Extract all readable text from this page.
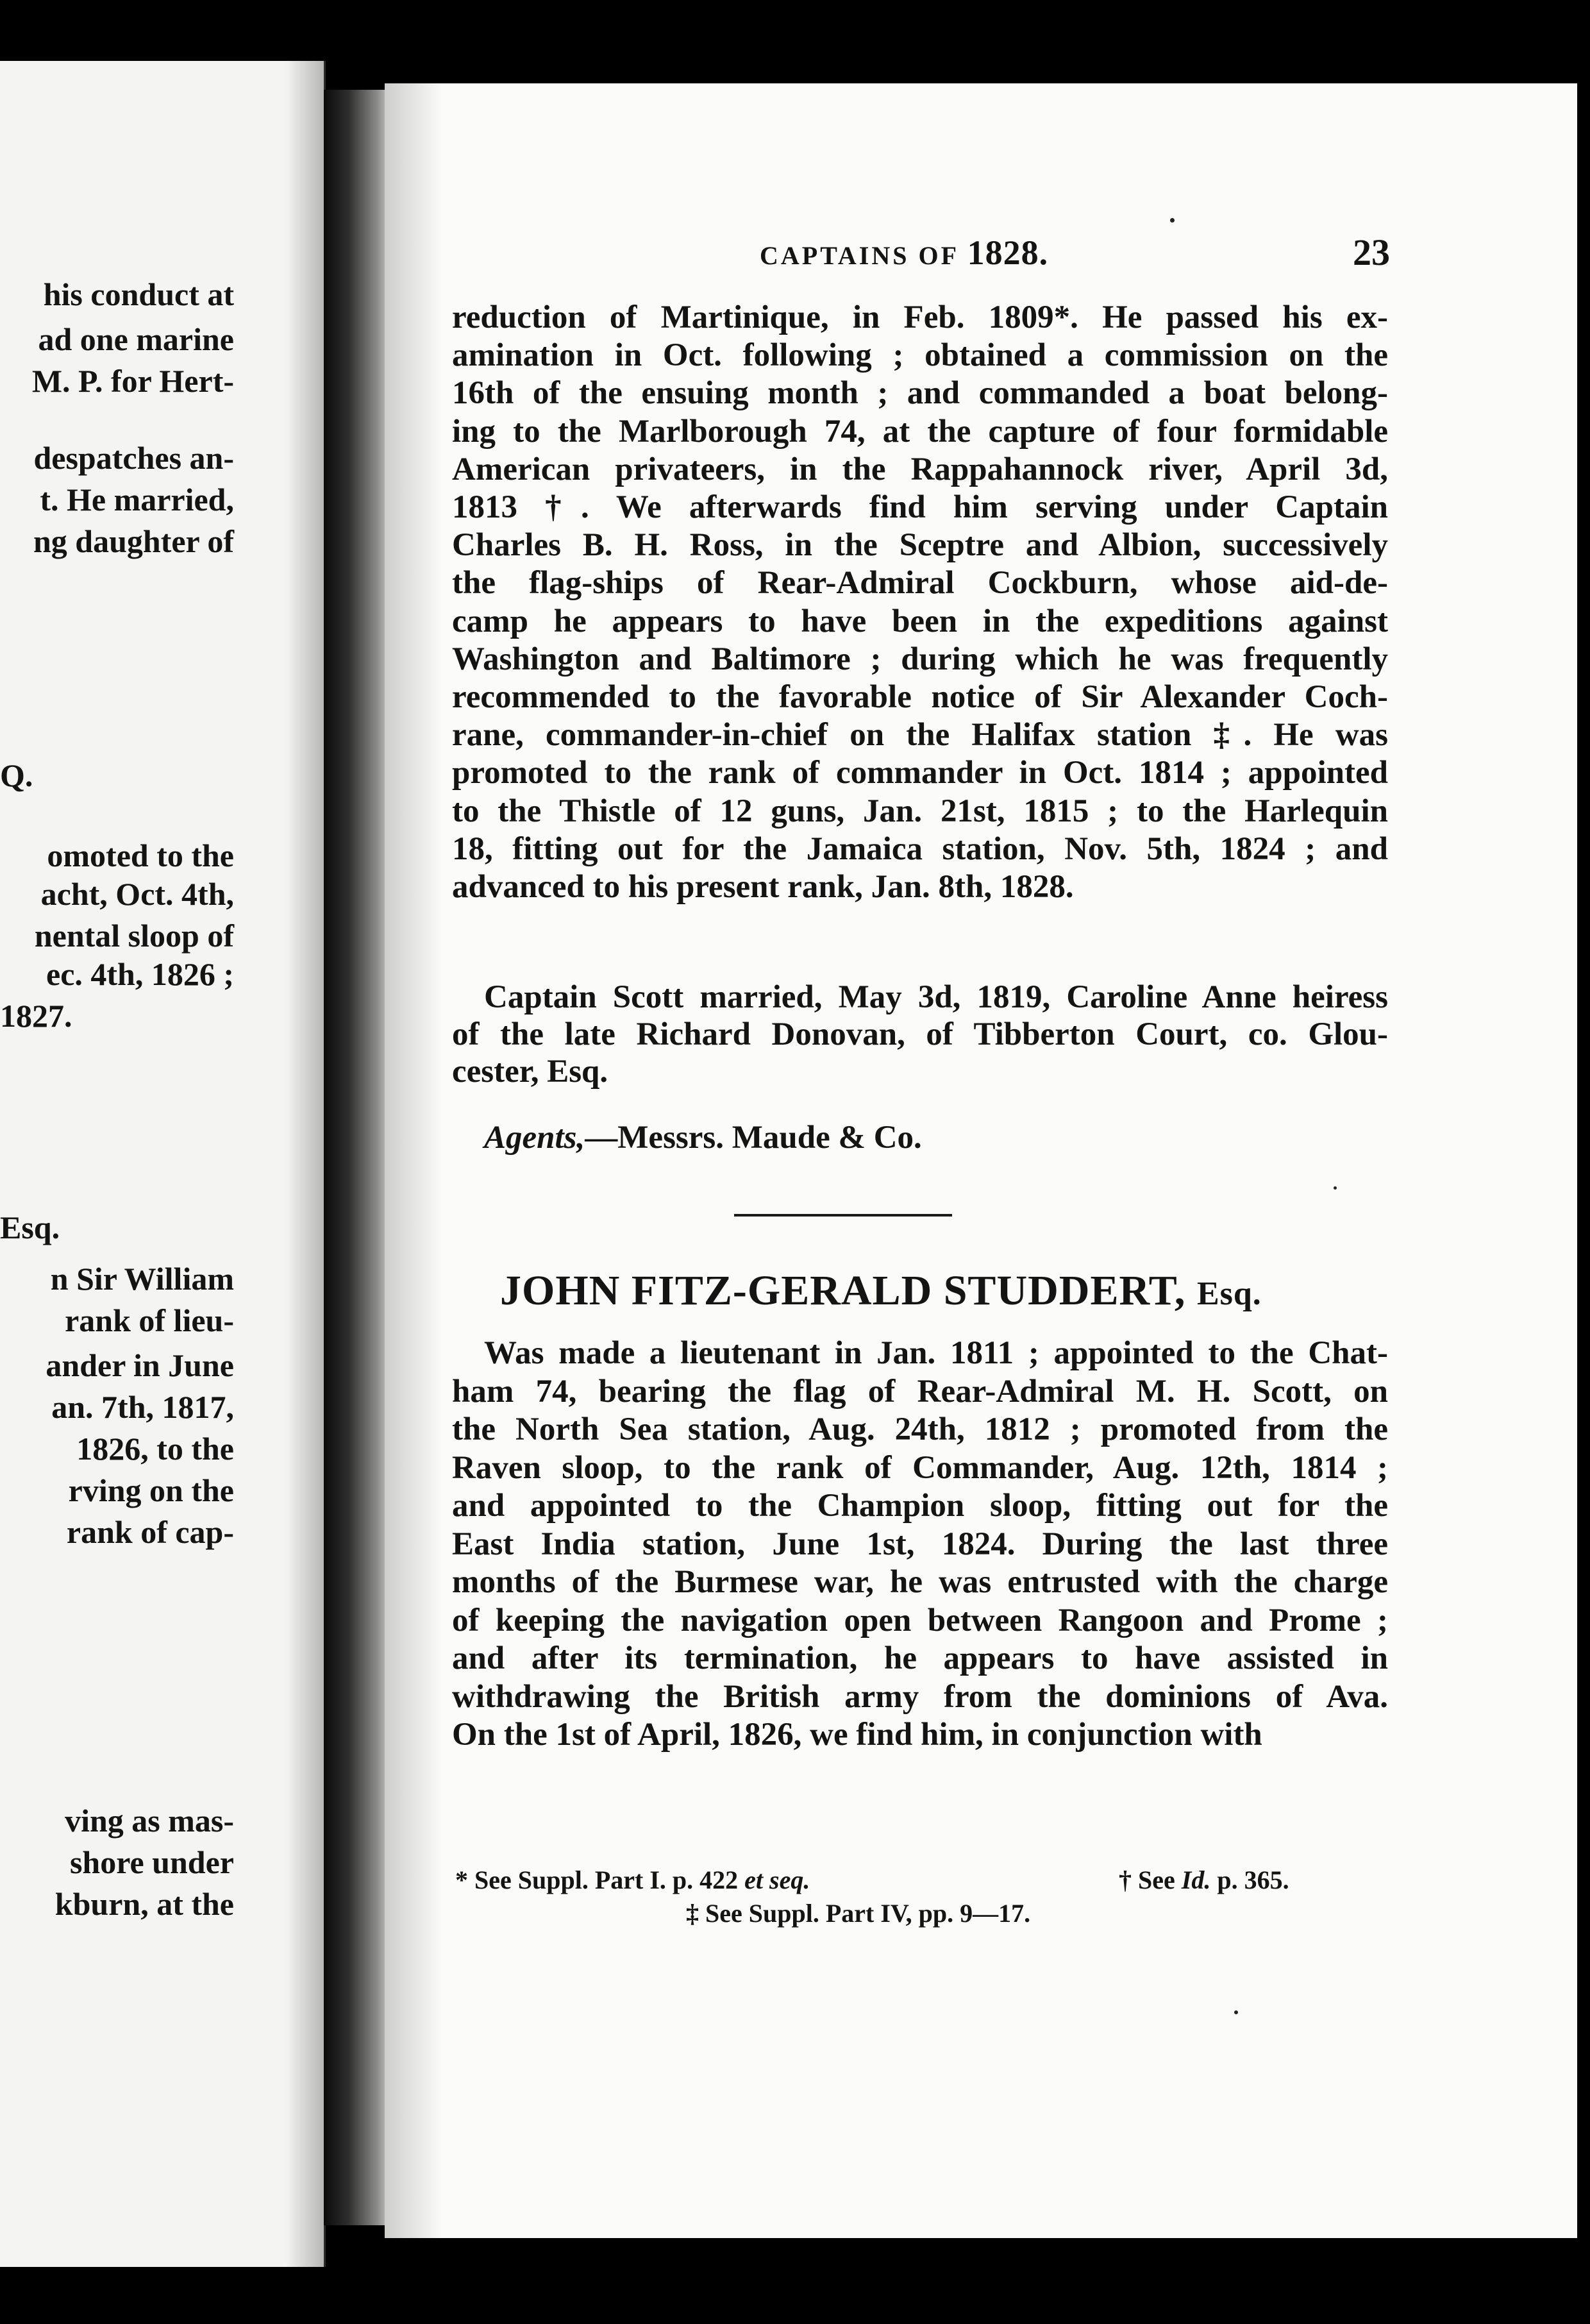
his conduct at
ad one marine
M. P. for Hert-
despatches an-
t. He married,
ng daughter of
Q.
omoted to the
acht, Oct. 4th,
nental sloop of
ec. 4th, 1826 ;
1827.
Esq.
n Sir William
rank of lieu-
ander in June
an. 7th, 1817,
1826, to the
rving on the
rank of cap-
ving as mas-
shore under
kburn, at the
CAPTAINS OF 1828.	23
reduction of Martinique, in Feb. 1809*. He passed his ex-
amination in Oct. following ; obtained a commission on the
16th of the ensuing month ; and commanded a boat belong-
ing to the Marlborough 74, at the capture of four formidable
American privateers, in the Rappahannock river, April 3d,
1813 †. We afterwards find him serving under Captain
Charles B. H. Ross, in the Sceptre and Albion, successively
the flag-ships of Rear-Admiral Cockburn, whose aid-de-
camp he appears to have been in the expeditions against
Washington and Baltimore ; during which he was frequently
recommended to the favorable notice of Sir Alexander Coch-
rane, commander-in-chief on the Halifax station ‡. He was
promoted to the rank of commander in Oct. 1814 ; appointed
to the Thistle of 12 guns, Jan. 21st, 1815 ; to the Harlequin
18, fitting out for the Jamaica station, Nov. 5th, 1824 ; and
advanced to his present rank, Jan. 8th, 1828.
Captain Scott married, May 3d, 1819, Caroline Anne heiress
of the late Richard Donovan, of Tibberton Court, co. Glou-
cester, Esq.
Agents,—Messrs. Maude & Co.
JOHN FITZ-GERALD STUDDERT, Esq.
Was made a lieutenant in Jan. 1811 ; appointed to the Chat-
ham 74, bearing the flag of Rear-Admiral M. H. Scott, on
the North Sea station, Aug. 24th, 1812 ; promoted from the
Raven sloop, to the rank of Commander, Aug. 12th, 1814 ;
and appointed to the Champion sloop, fitting out for the
East India station, June 1st, 1824. During the last three
months of the Burmese war, he was entrusted with the charge
of keeping the navigation open between Rangoon and Prome ;
and after its termination, he appears to have assisted in
withdrawing the British army from the dominions of Ava.
On the 1st of April, 1826, we find him, in conjunction with
* See Suppl. Part I. p. 422 et seq.	† See Id. p. 365.
‡ See Suppl. Part IV, pp. 9—17.
